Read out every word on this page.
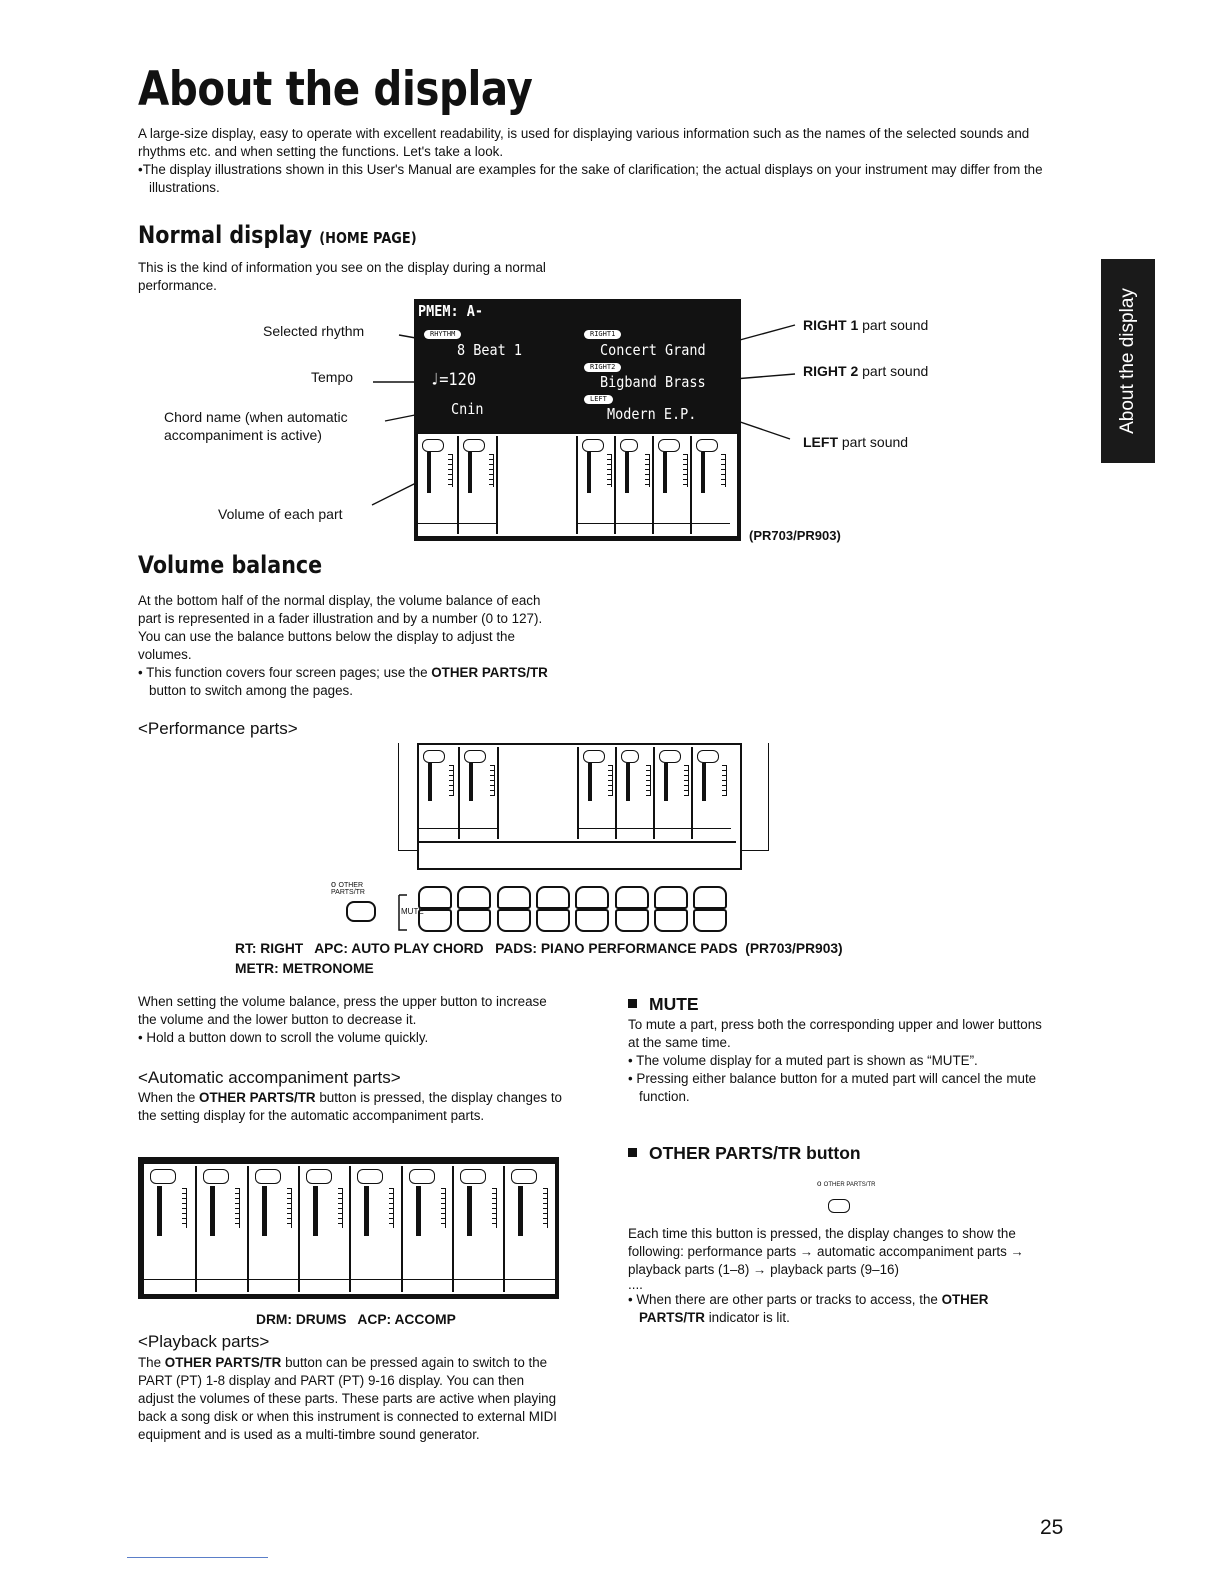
About the display

A large-size display, easy to operate with excellent readability, is used for displaying various information such as the names of the selected sounds and rhythms etc. and when setting the functions. Let's take a look.

•The display illustrations shown in this User's Manual are examples for the sake of clarification; the actual displays on your instrument may differ from the illustrations.

Normal display (HOME PAGE)

This is the kind of information you see on the display during a normal performance.

Selected rhythm
Tempo
Chord name (when automatic accompaniment is active)
Volume of each part
RIGHT 1 part sound
RIGHT 2 part sound
LEFT part sound
(PR703/PR903)
PMEM: A-
RHYTHM
8 Beat 1
♩=120
Cnin
RIGHT1
Concert Grand
RIGHT2
Bigband Brass
LEFT
Modern E.P.
127
⚖
METR
105
♟
PADS
BASS  = 105
ACMP1 = 105
ACMP2 = 105
ACMP3 = 105
ACMP4 = 105
ACMP5 = 105
DRUM1 = 105
DRUM2 = 105
127
☷
APC
94
♫
LEFT
127
♪
RT2
127
♩
RT1
Volume balance

At the bottom half of the normal display, the volume balance of each part is represented in a fader illustration and by a number (0 to 127). You can use the balance buttons below the display to adjust the volumes.

• This function covers four screen pages; use the OTHER PARTS/TR button to switch among the pages.

<Performance parts>
127
⚖
METR
105
♟
PADS
BASS  = 105
ACMP1 = 105
ACMP2 = 105
ACMP3 = 105
ACMP4 = 105
ACMP5 = 105
DRUM1 = 105
DRUM2 = 105
127
☷
APC
94
♫
LEFT
127
♪
RT2
127
♩
RT1
o OTHER PARTS/TR
MUTE
RT: RIGHT   APC: AUTO PLAY CHORD   PADS: PIANO PERFORMANCE PADS  (PR703/PR903)
METR: METRONOME

When setting the volume balance, press the upper button to increase the volume and the lower button to decrease it.

• Hold a button down to scroll the volume quickly.

<Automatic accompaniment parts>

When the OTHER PARTS/TR button is pressed, the display changes to the setting display for the automatic accompaniment parts.

105
☸
DRM2
105
☸
DRM1
105
♫
ACP5
105
♬
ACP4
105
♩
ACP3
105
♪
ACP2
105
♪
ACP1
105
♪
BASS
DRM: DRUMS   ACP: ACCOMP
<Playback parts>

The OTHER PARTS/TR button can be pressed again to switch to the PART (PT) 1-8 display and PART (PT) 9-16 display. You can then adjust the volumes of these parts. These parts are active when playing back a song disk or when this instrument is connected to external MIDI equipment and is used as a multi-timbre sound generator.

MUTE

To mute a part, press both the corresponding upper and lower buttons at the same time.

• The volume display for a muted part is shown as “MUTE”.

• Pressing either balance button for a muted part will cancel the mute function.

OTHER PARTS/TR button
o OTHER PARTS/TR

Each time this button is pressed, the display changes to show the following: performance parts → automatic accompaniment parts → playback parts (1–8) → playback parts (9–16)

....

• When there are other parts or tracks to access, the OTHER PARTS/TR indicator is lit.

About the display
25
